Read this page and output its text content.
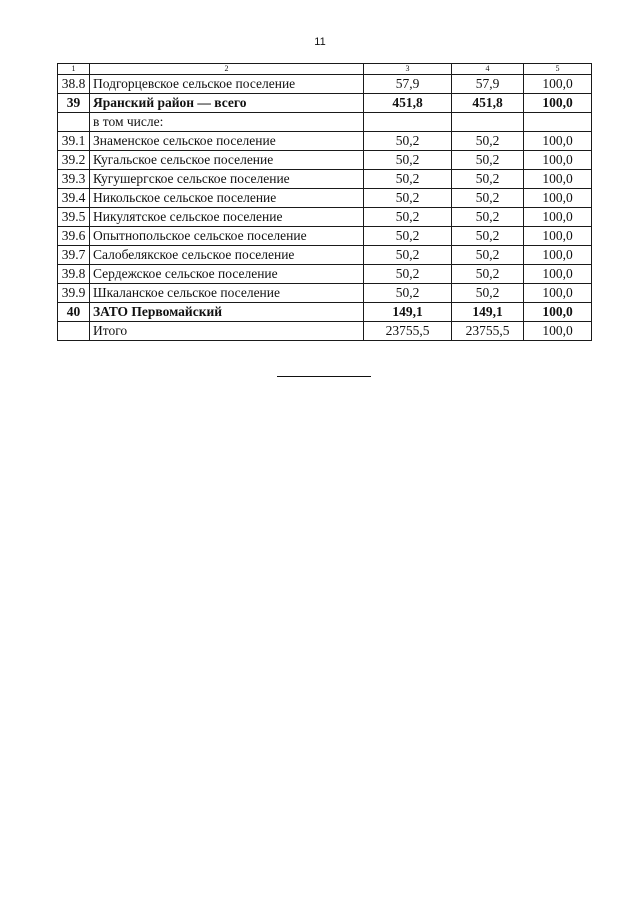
11
1	2	3	4	5
38.8	Подгорцевское сельское поселение	57,9	57,9	100,0
39	Яранский район — всего	451,8	451,8	100,0
	в том числе:			
39.1	Знаменское сельское поселение	50,2	50,2	100,0
39.2	Кугальское сельское поселение	50,2	50,2	100,0
39.3	Кугушергское сельское поселение	50,2	50,2	100,0
39.4	Никольское сельское поселение	50,2	50,2	100,0
39.5	Никулятское сельское поселение	50,2	50,2	100,0
39.6	Опытнопольское сельское поселение	50,2	50,2	100,0
39.7	Салобелякское сельское поселение	50,2	50,2	100,0
39.8	Сердежское сельское поселение	50,2	50,2	100,0
39.9	Шкаланское сельское поселение	50,2	50,2	100,0
40	ЗАТО Первомайский	149,1	149,1	100,0
	Итого	23755,5	23755,5	100,0
